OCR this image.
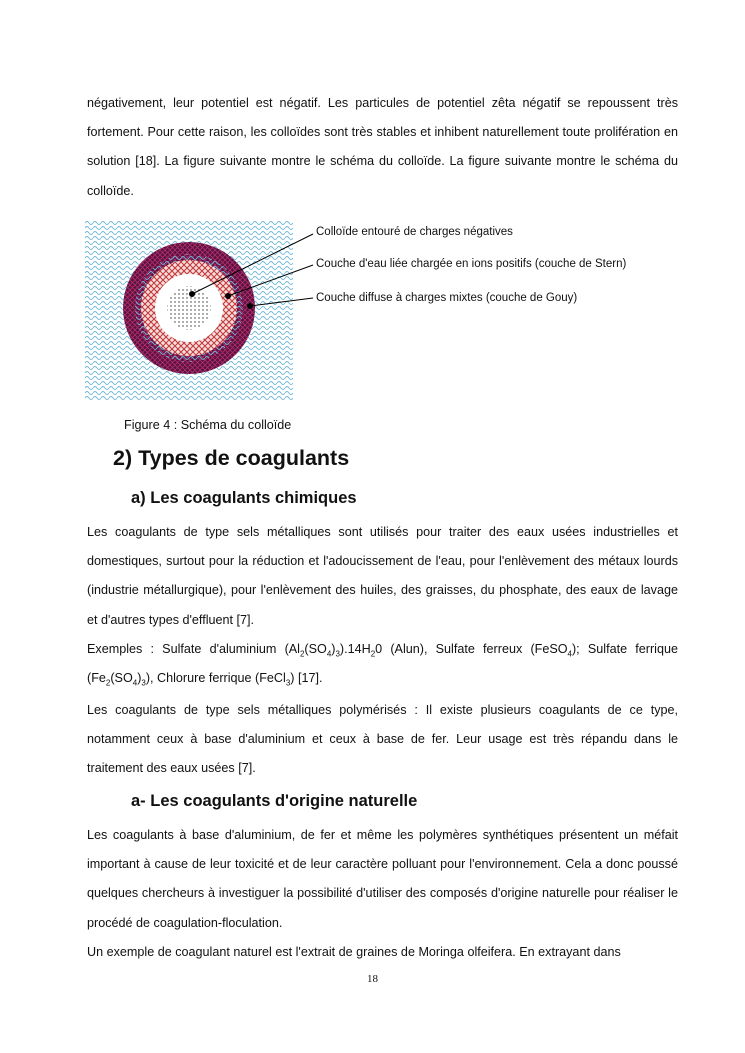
négativement, leur potentiel est négatif. Les particules de potentiel zêta négatif se repoussent très fortement. Pour cette raison, les colloïdes sont très stables et inhibent naturellement toute prolifération en solution [18]. La figure suivante montre le schéma du colloïde. La figure suivante montre le schéma du colloïde.

Colloïde entouré de charges négatives
Couche d'eau liée chargée en ions positifs (couche de Stern)
Couche diffuse à charges mixtes (couche de Gouy)

Figure 4 : Schéma du colloïde

2) Types de coagulants
a) Les coagulants chimiques

Les coagulants de type sels métalliques sont utilisés pour traiter des eaux usées industrielles et domestiques, surtout pour la réduction et l'adoucissement de l'eau, pour l'enlèvement des métaux lourds (industrie métallurgique), pour l'enlèvement des huiles, des graisses, du phosphate, des eaux de lavage et d'autres types d'effluent [7].

Exemples : Sulfate d'aluminium $(Al_2(SO_4)_3).14H_20$ (Alun), Sulfate ferreux (FeSO$_4$); Sulfate ferrique $(Fe_2(SO_4)_3)$, Chlorure ferrique (FeCl$_3$) [17].

Les coagulants de type sels métalliques polymérisés : Il existe plusieurs coagulants de ce type, notamment ceux à base d'aluminium et ceux à base de fer. Leur usage est très répandu dans le traitement des eaux usées [7].

a- Les coagulants d'origine naturelle

Les coagulants à base d'aluminium, de fer et même les polymères synthétiques présentent un méfait important à cause de leur toxicité et de leur caractère polluant pour l'environnement. Cela a donc poussé quelques chercheurs à investiguer la possibilité d'utiliser des composés d'origine naturelle pour réaliser le procédé de coagulation-floculation.

Un exemple de coagulant naturel est l'extrait de graines de Moringa olfeifera. En extrayant dans

18
